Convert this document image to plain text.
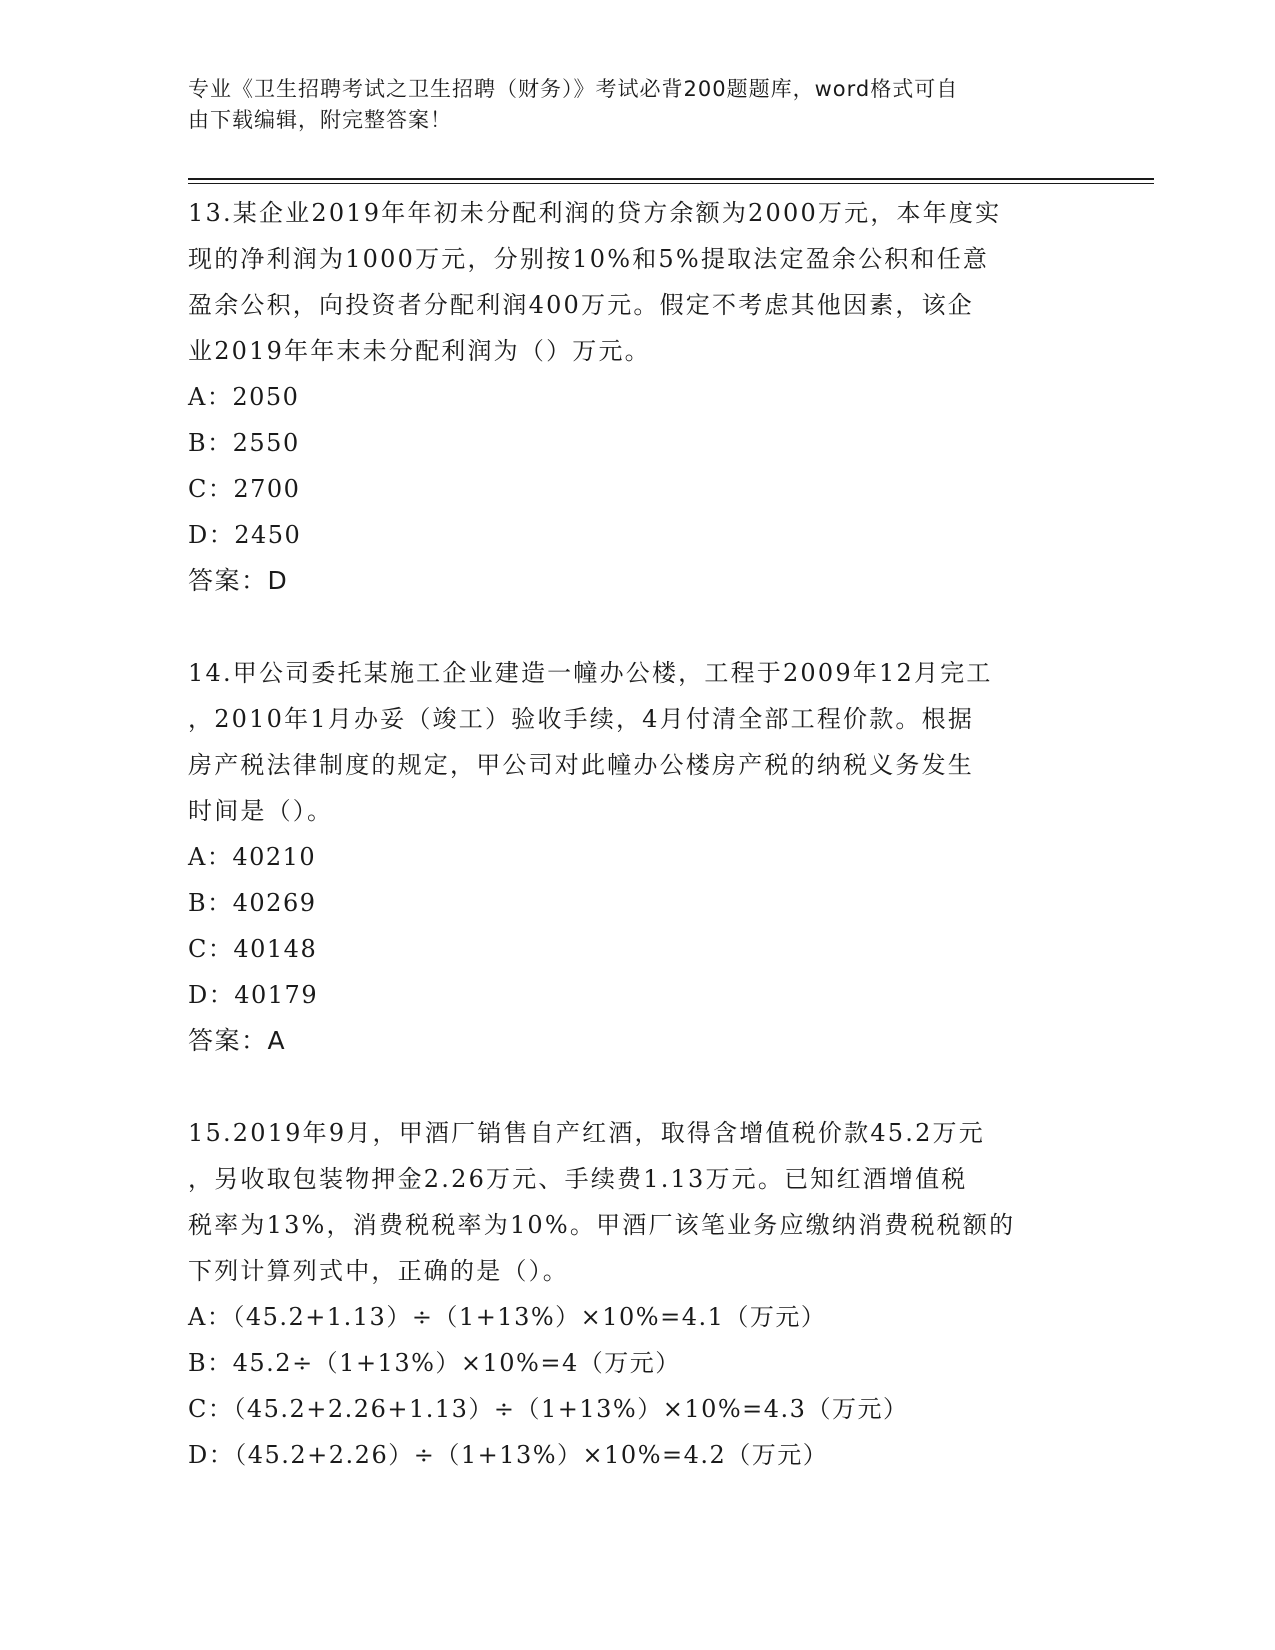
专业《卫生招聘考试之卫生招聘（财务）》考试必背200题题库，word格式可自
由下载编辑，附完整答案！

13.某企业2019年年初未分配利润的贷方余额为2000万元，本年度实

现的净利润为1000万元，分别按10%和5%提取法定盈余公积和任意

盈余公积，向投资者分配利润400万元。假定不考虑其他因素，该企

业2019年年末未分配利润为（）万元。

A：2050

B：2550

C：2700

D：2450

答案：D

14.甲公司委托某施工企业建造一幢办公楼，工程于2009年12月完工

，2010年1月办妥（竣工）验收手续，4月付清全部工程价款。根据

房产税法律制度的规定，甲公司对此幢办公楼房产税的纳税义务发生

时间是（）。

A：40210

B：40269

C：40148

D：40179

答案：A

15.2019年9月，甲酒厂销售自产红酒，取得含增值税价款45.2万元

，另收取包装物押金2.26万元、手续费1.13万元。已知红酒增值税

税率为13%，消费税税率为10%。甲酒厂该笔业务应缴纳消费税税额的

下列计算列式中，正确的是（）。

A：（45.2+1.13）÷（1+13%）×10%=4.1（万元）

B：45.2÷（1+13%）×10%=4（万元）

C：（45.2+2.26+1.13）÷（1+13%）×10%=4.3（万元）

D：（45.2+2.26）÷（1+13%）×10%=4.2（万元）
